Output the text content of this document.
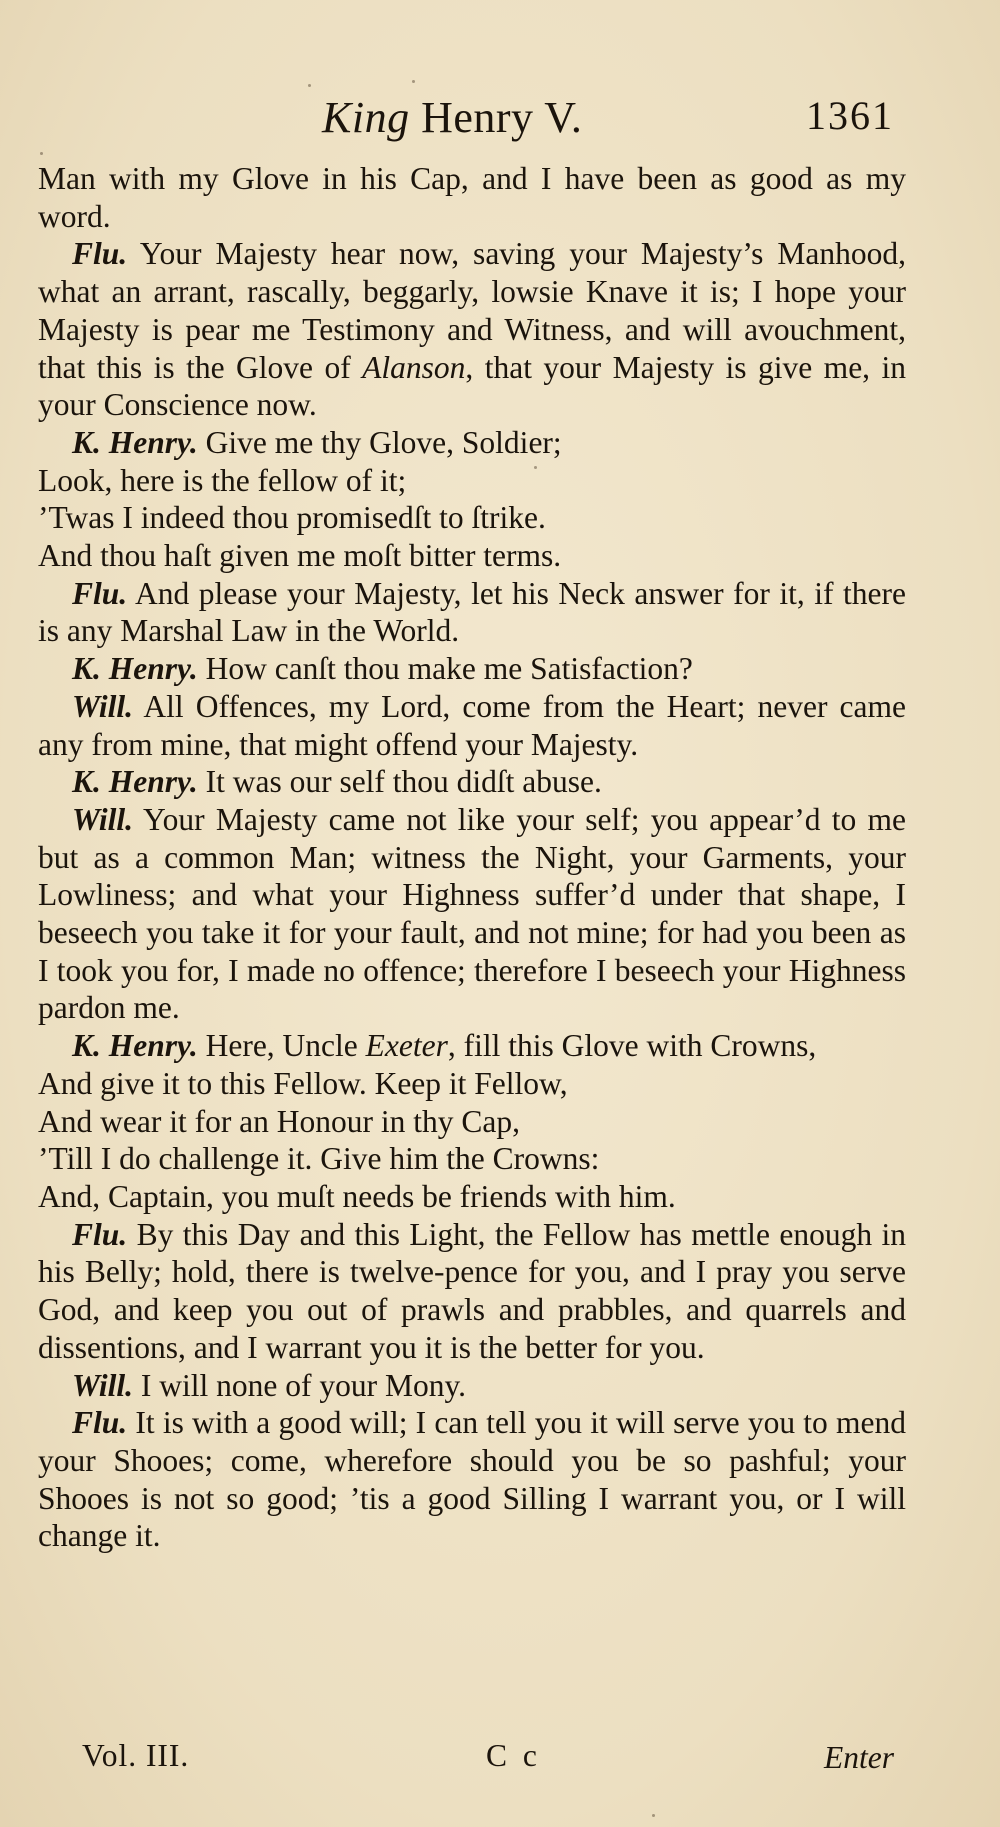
King Henry V.	1361

Man with my Glove in his Cap, and I have been as good as my word.

Flu. Your Majesty hear now, saving your Majesty’s Manhood, what an arrant, rascally, beggarly, lowsie Knave it is; I hope your Majesty is pear me Testimony and Witness, and will avouchment, that this is the Glove of Alanson, that your Majesty is give me, in your Conscience now.

K. Henry. Give me thy Glove, Soldier;

Look, here is the fellow of it;

’Twas I indeed thou promisedſt to ſtrike.

And thou haſt given me moſt bitter terms.

Flu. And please your Majesty, let his Neck answer for it, if there is any Marshal Law in the World.

K. Henry. How canſt thou make me Satisfaction?

Will. All Offences, my Lord, come from the Heart; never came any from mine, that might offend your Majesty.

K. Henry. It was our self thou didſt abuse.

Will. Your Majesty came not like your self; you appear’d to me but as a common Man; witness the Night, your Garments, your Lowliness; and what your Highness suffer’d under that shape, I beseech you take it for your fault, and not mine; for had you been as I took you for, I made no offence; therefore I beseech your Highness pardon me.

K. Henry. Here, Uncle Exeter, fill this Glove with Crowns,

And give it to this Fellow. Keep it Fellow,

And wear it for an Honour in thy Cap,

’Till I do challenge it. Give him the Crowns:

And, Captain, you muſt needs be friends with him.

Flu. By this Day and this Light, the Fellow has mettle enough in his Belly; hold, there is twelve-pence for you, and I pray you serve God, and keep you out of prawls and prabbles, and quarrels and dissentions, and I warrant you it is the better for you.

Will. I will none of your Mony.

Flu. It is with a good will; I can tell you it will serve you to mend your Shooes; come, wherefore should you be so pashful; your Shooes is not so good; ’tis a good Silling I warrant you, or I will change it.

Vol. III.	C c	Enter
